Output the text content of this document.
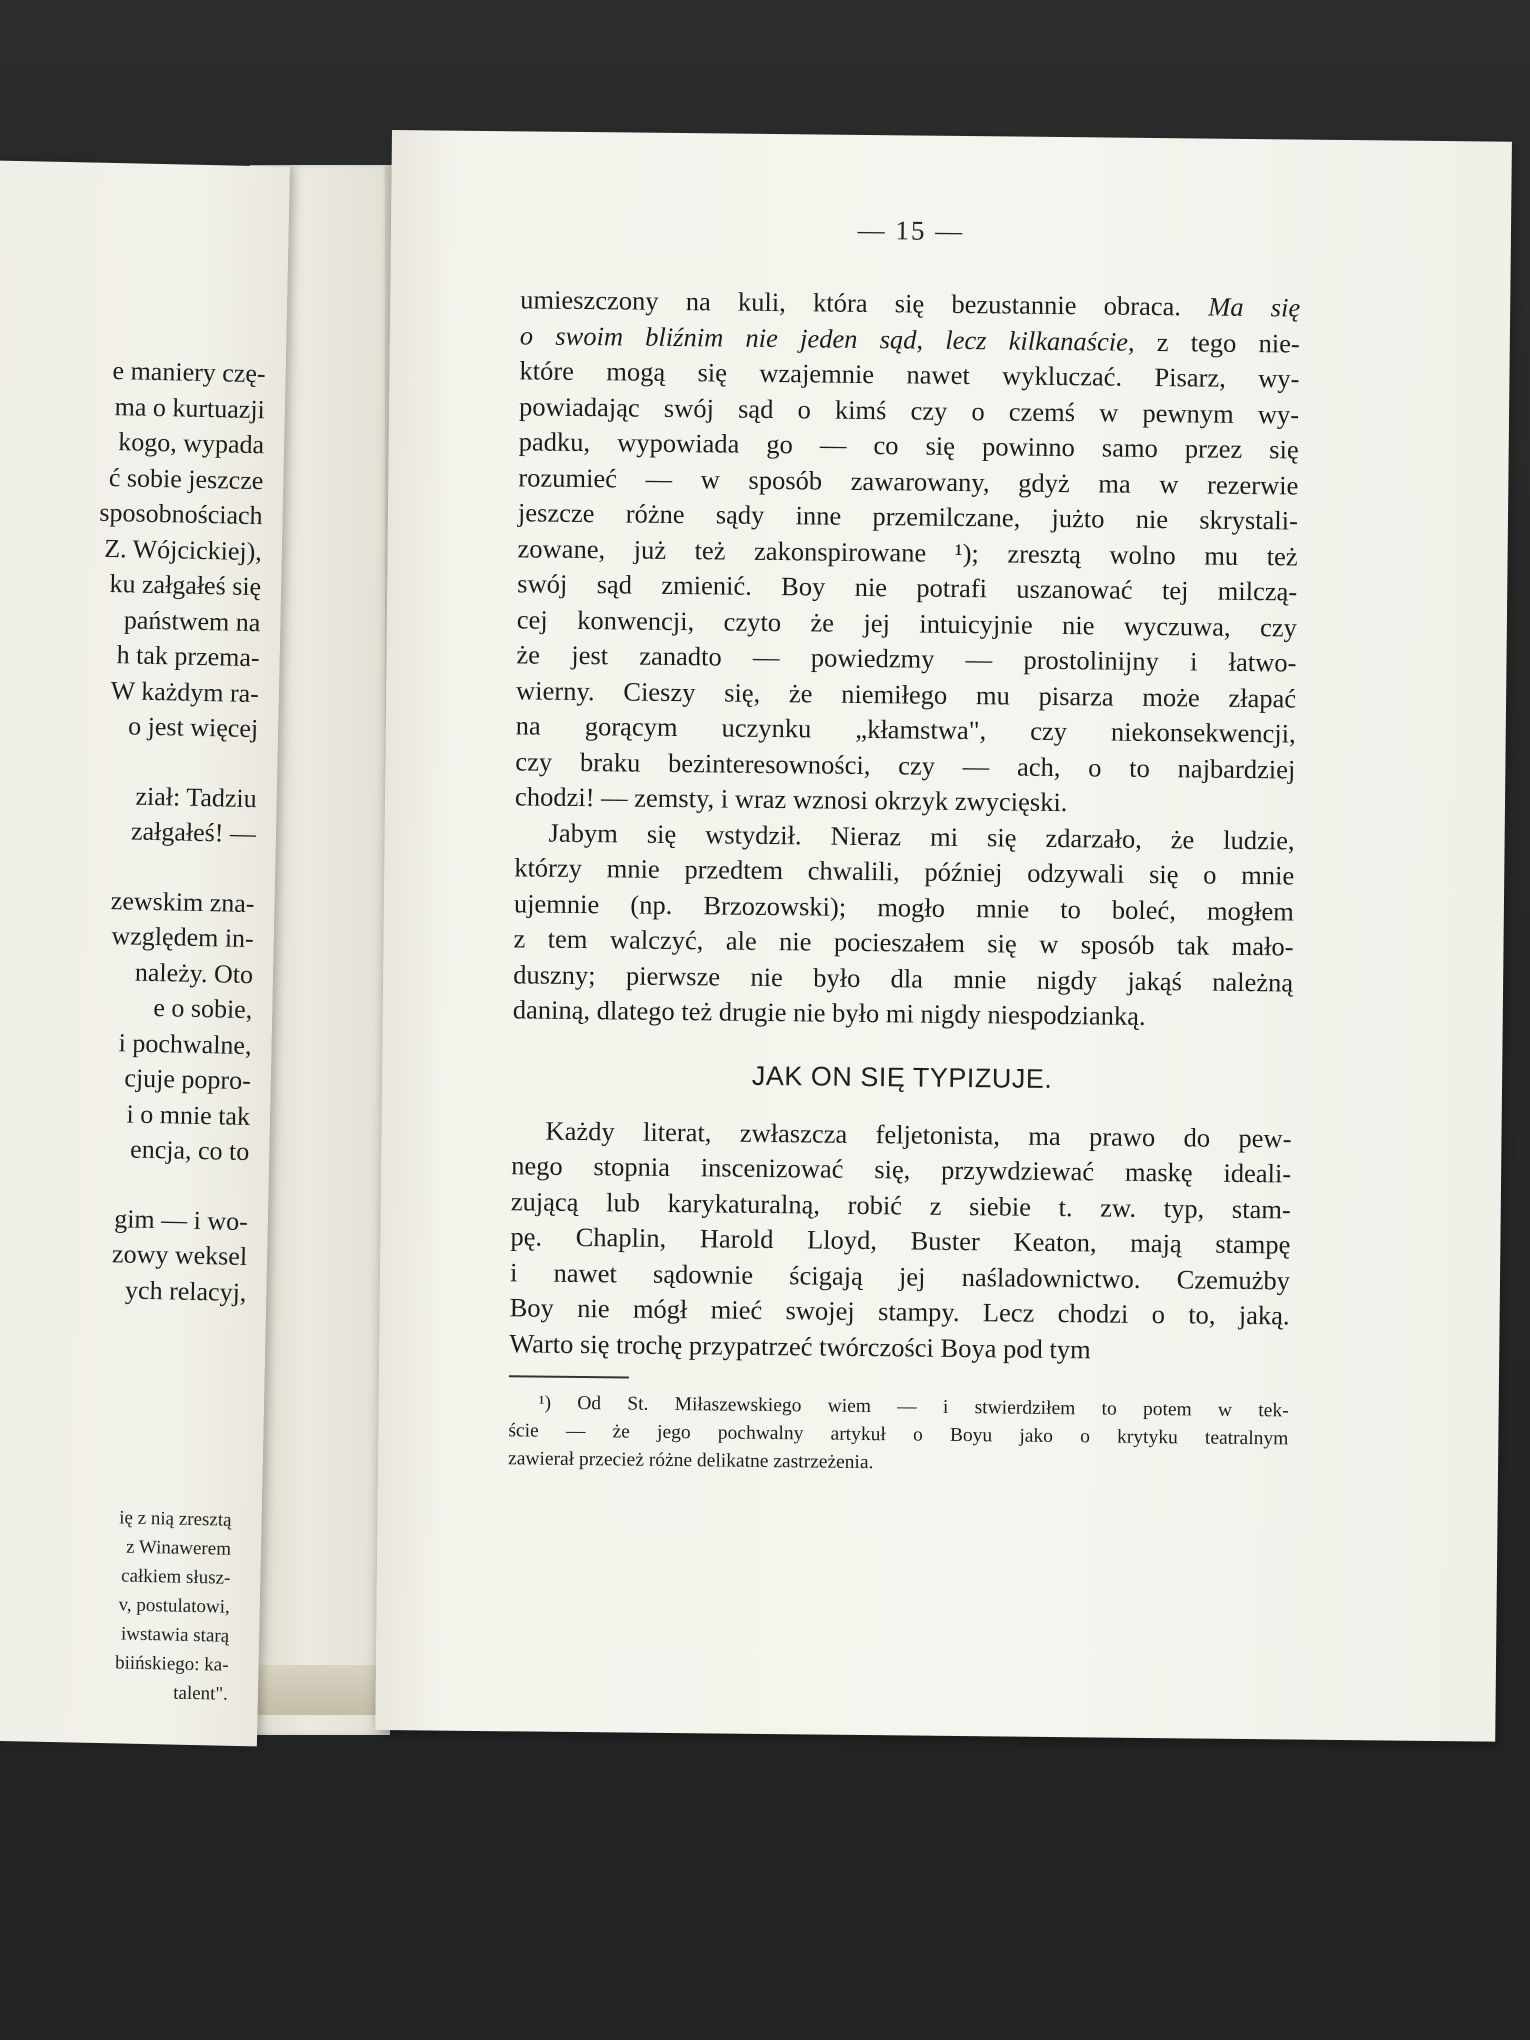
e maniery czę-
ma o kurtuazji
kogo, wypada
ć sobie jeszcze
sposobnościach
Z. Wójcickiej),
ku załgałeś się
państwem na
h tak przema-
W każdym ra-
o jest więcej
ział: Tadziu
załgałeś! —
zewskim zna-
względem in-
należy. Oto
e o sobie,
i pochwalne,
cjuje popro-
i o mnie tak
encja, co to
gim — i wo-
zowy weksel
ych relacyj,
ię z nią zresztą
z Winawerem
całkiem słusz-
v, postulatowi,
iwstawia starą
biińskiego: ka-
talent".
— 15 —
umieszczony na kuli, która się bezustannie obraca. Ma się
o swoim bliźnim nie jeden sąd, lecz kilkanaście, z tego nie-
które mogą się wzajemnie nawet wykluczać. Pisarz, wy-
powiadając swój sąd o kimś czy o czemś w pewnym wy-
padku, wypowiada go — co się powinno samo przez się
rozumieć — w sposób zawarowany, gdyż ma w rezerwie
jeszcze różne sądy inne przemilczane, jużto nie skrystali-
zowane, już też zakonspirowane ¹); zresztą wolno mu też
swój sąd zmienić. Boy nie potrafi uszanować tej milczą-
cej konwencji, czyto że jej intuicyjnie nie wyczuwa, czy
że jest zanadto — powiedzmy — prostolinijny i łatwo-
wierny. Cieszy się, że niemiłego mu pisarza może złapać
na gorącym uczynku „kłamstwa", czy niekonsekwencji,
czy braku bezinteresowności, czy — ach, o to najbardziej
chodzi! — zemsty, i wraz wznosi okrzyk zwycięski.
Jabym się wstydził. Nieraz mi się zdarzało, że ludzie,
którzy mnie przedtem chwalili, później odzywali się o mnie
ujemnie (np. Brzozowski); mogło mnie to boleć, mogłem
z tem walczyć, ale nie pocieszałem się w sposób tak mało-
duszny; pierwsze nie było dla mnie nigdy jakąś należną
daniną, dlatego też drugie nie było mi nigdy niespodzianką.
JAK ON SIĘ TYPIZUJE.
Każdy literat, zwłaszcza feljetonista, ma prawo do pew-
nego stopnia inscenizować się, przywdziewać maskę ideali-
zującą lub karykaturalną, robić z siebie t. zw. typ, stam-
pę. Chaplin, Harold Lloyd, Buster Keaton, mają stampę
i nawet sądownie ścigają jej naśladownictwo. Czemużby
Boy nie mógł mieć swojej stampy. Lecz chodzi o to, jaką.
Warto się trochę przypatrzeć twórczości Boya pod tym
¹) Od St. Miłaszewskiego wiem — i stwierdziłem to potem w tek-
ście — że jego pochwalny artykuł o Boyu jako o krytyku teatralnym
zawierał przecież różne delikatne zastrzeżenia.
